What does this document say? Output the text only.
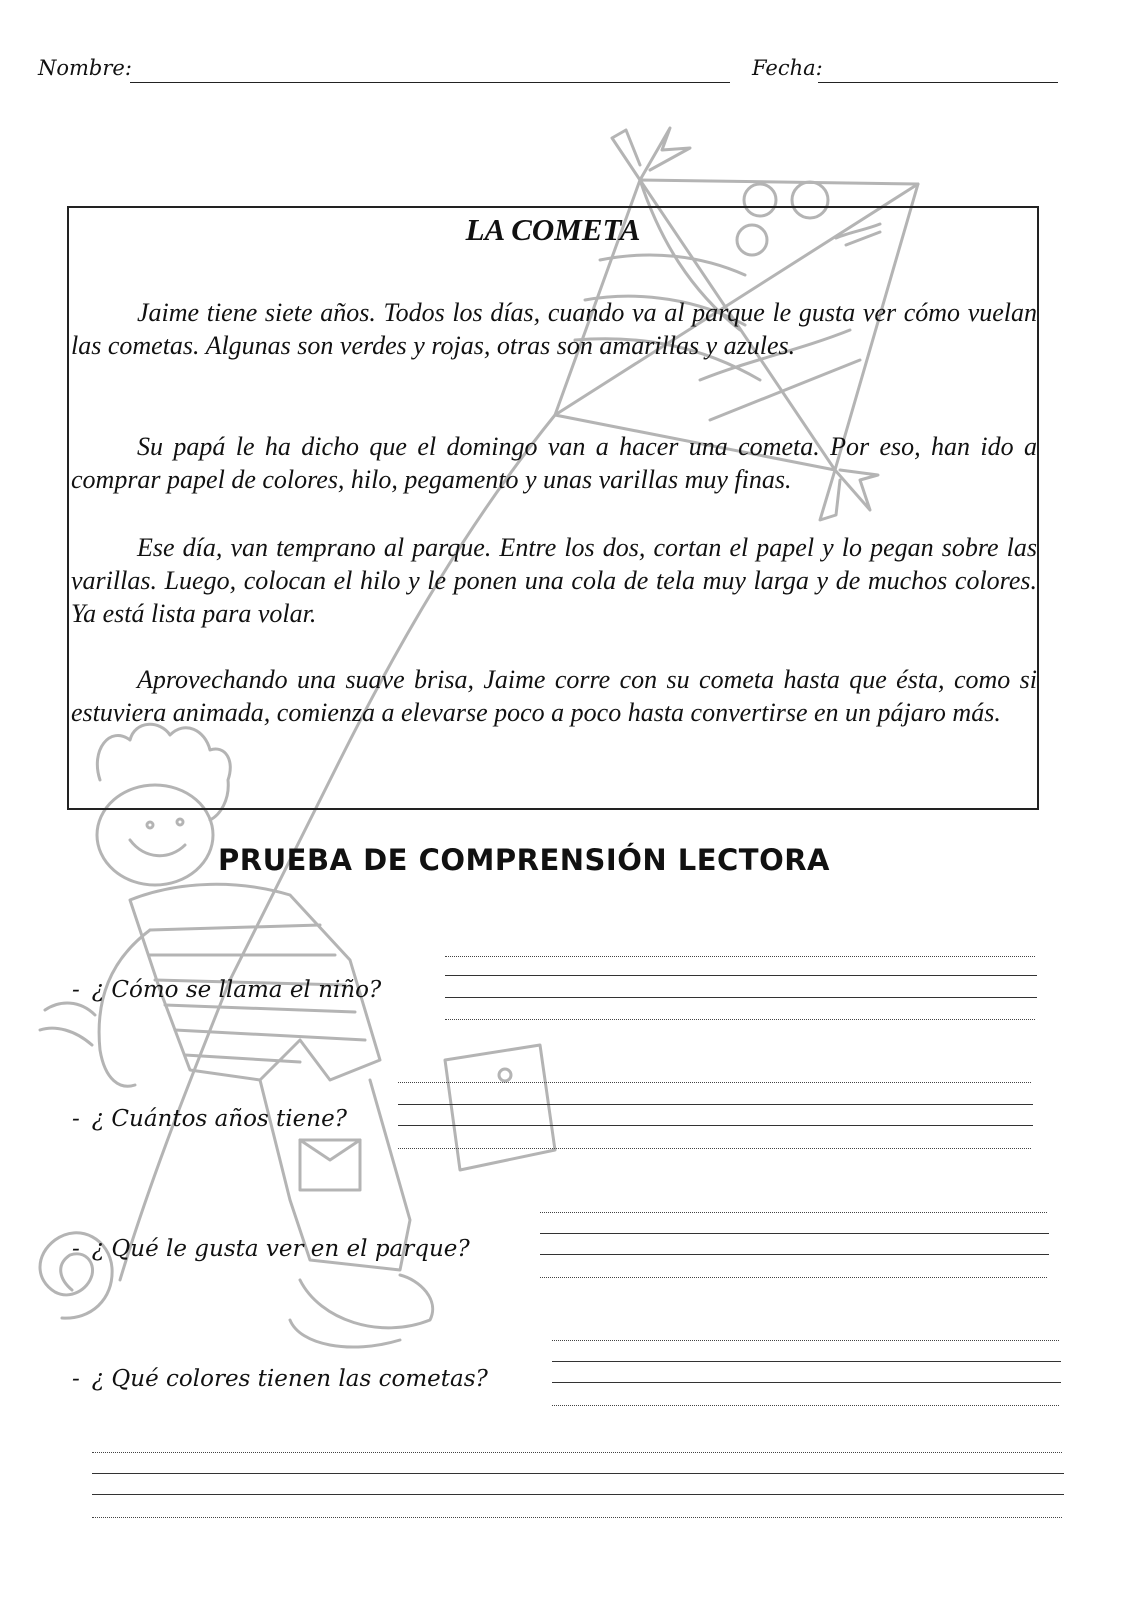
Nombre:	Fecha:
LA COMETA

Jaime tiene siete años. Todos los días, cuando va al parque le gusta ver cómo vuelan las cometas. Algunas son verdes y rojas, otras son amarillas y azules.

Su papá le ha dicho que el domingo van a hacer una cometa. Por eso, han ido a comprar papel de colores, hilo, pegamento y unas varillas muy finas.

Ese día, van temprano al parque. Entre los dos, cortan el papel y lo pegan sobre las varillas. Luego, colocan el hilo y le ponen una cola de tela muy larga y de muchos colores. Ya está lista para volar.

Aprovechando una suave brisa, Jaime corre con su cometa hasta que ésta, como si estuviera animada, comienza a elevarse poco a poco hasta convertirse en un pájaro más.

PRUEBA DE COMPRENSIÓN LECTORA
- ¿ Cómo se llama el niño?
- ¿ Cuántos años tiene?
- ¿ Qué le gusta ver en el parque?
- ¿ Qué colores tienen las cometas?
